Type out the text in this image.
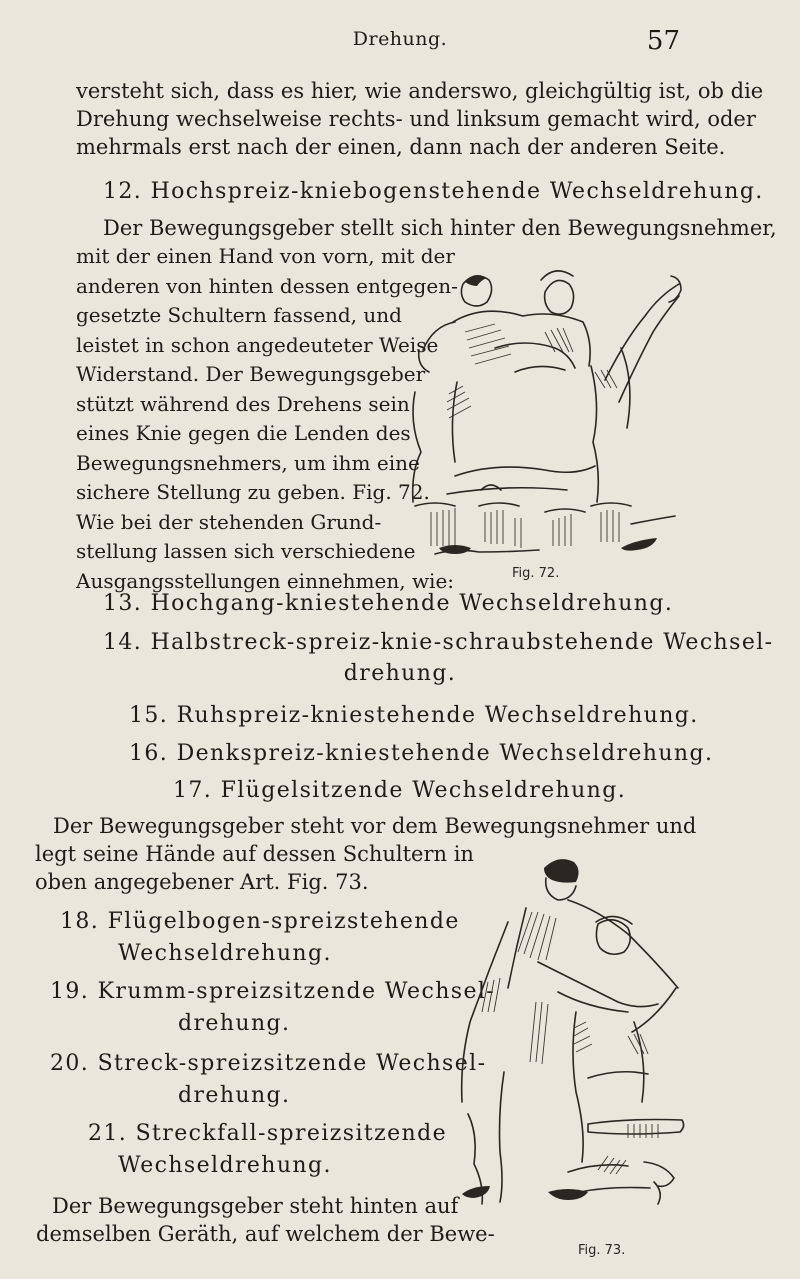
Drehung.	57
versteht sich, dass es hier, wie anderswo, gleichgültig ist, ob die
Drehung wechselweise rechts- und linksum gemacht wird, oder
mehrmals erst nach der einen, dann nach der anderen Seite.
12. Hochspreiz-kniebogenstehende Wechseldrehung.
Der Bewegungsgeber stellt sich hinter den Bewegungsnehmer,
mit der einen Hand von vorn, mit der
anderen von hinten dessen entgegen-
gesetzte Schultern fassend, und
leistet in schon angedeuteter Weise
Widerstand. Der Bewegungsgeber
stützt während des Drehens sein
eines Knie gegen die Lenden des
Bewegungsnehmers, um ihm eine
sichere Stellung zu geben. Fig. 72.
Wie bei der stehenden Grund-
stellung lassen sich verschiedene
Ausgangsstellungen einnehmen, wie:	Fig. 72.
13. Hochgang-kniestehende Wechseldrehung.
14. Halbstreck-spreiz-knie-schraubstehende Wechsel-
drehung.
15. Ruhspreiz-kniestehende Wechseldrehung.
16. Denkspreiz-kniestehende Wechseldrehung.
17. Flügelsitzende Wechseldrehung.
Der Bewegungsgeber steht vor dem Bewegungsnehmer und
legt seine Hände auf dessen Schultern in
oben angegebener Art. Fig. 73.
18. Flügelbogen-spreizstehende
Wechseldrehung.
19. Krumm-spreizsitzende Wechsel-
drehung.
20. Streck-spreizsitzende Wechsel-
drehung.
21. Streckfall-spreizsitzende
Wechseldrehung.
Der Bewegungsgeber steht hinten auf
demselben Geräth, auf welchem der Bewe-
Fig. 73.
